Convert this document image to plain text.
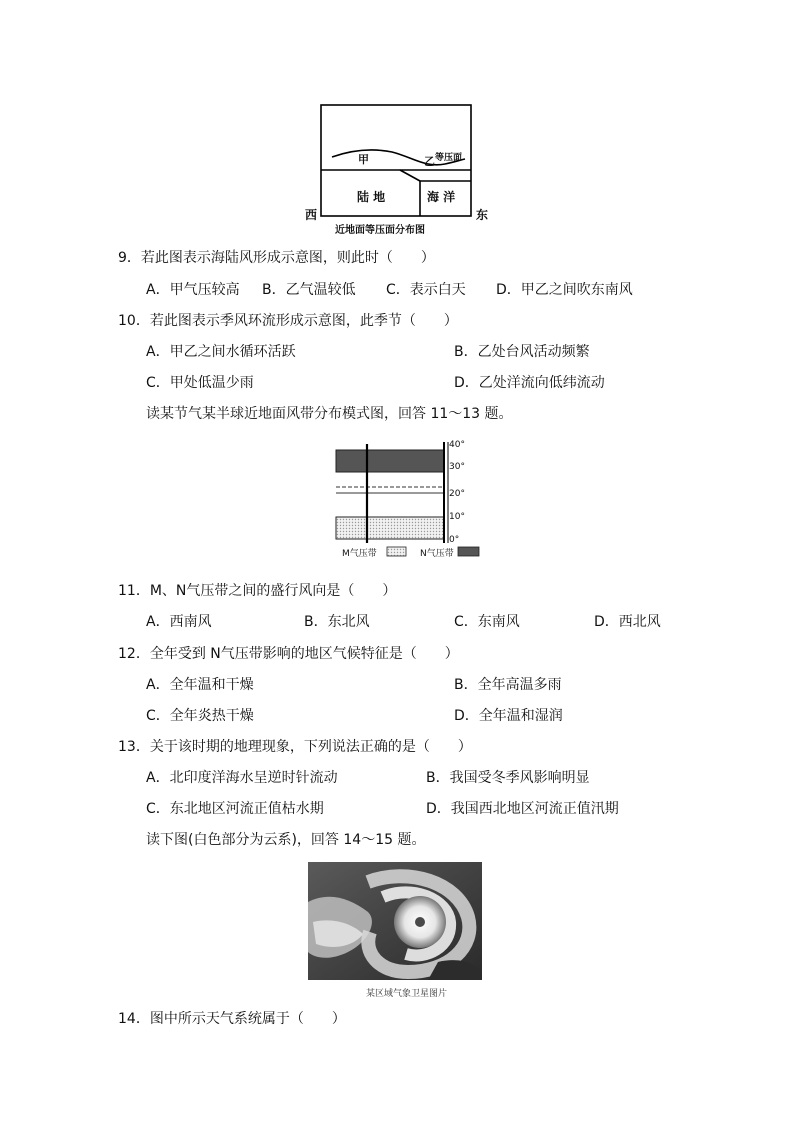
甲	乙 等压面
陆 地	海 洋
西	东
近地面等压面分布图
9．若此图表示海陆风形成示意图，则此时（　　）
A．甲气压较高 B．乙气温较低 C．表示白天 D．甲乙之间吹东南风
10．若此图表示季风环流形成示意图，此季节（　　）
A．甲乙之间水循环活跃	B．乙处台风活动频繁
C．甲处低温少雨	D．乙处洋流向低纬流动
读某节气某半球近地面风带分布模式图，回答 11～13 题。
40°
30°
20°
10°
0°
M气压带	N气压带
11．M、N气压带之间的盛行风向是（　　）
A．西南风	B．东北风	C．东南风	D．西北风
12．全年受到 N气压带影响的地区气候特征是（　　）
A．全年温和干燥	B．全年高温多雨
C．全年炎热干燥	D．全年温和湿润
13．关于该时期的地理现象，下列说法正确的是（　　）
A．北印度洋海水呈逆时针流动	B．我国受冬季风影响明显
C．东北地区河流正值枯水期	D．我国西北地区河流正值汛期
读下图(白色部分为云系)，回答 14～15 题。
某区域气象卫星图片
14．图中所示天气系统属于（　　）
